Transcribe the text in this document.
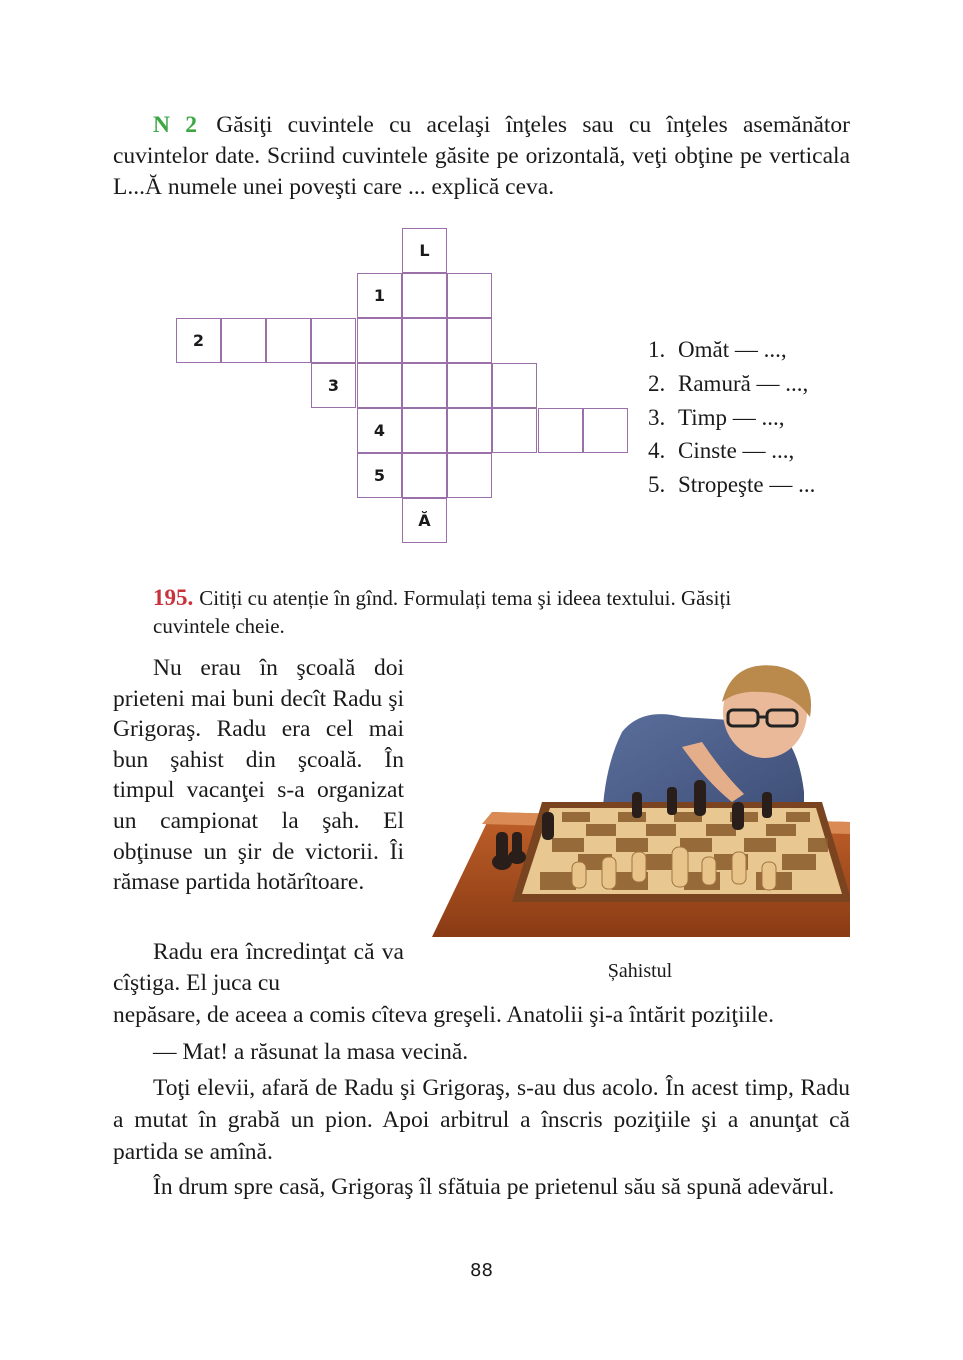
N 2 Găsiţi cuvintele cu acelaşi înţeles sau cu înţeles asemănător cuvintelor date. Scriind cuvintele găsite pe orizontală, veţi obţine pe verticala L...Ă numele unei poveşti care ... explică ceva.
L
1
2
3
4
5
Ă
1. Omăt — ...,
2. Ramură — ...,
3. Timp — ...,
4. Cinste — ...,
5. Stropeşte — ...
195. Citiți cu atenție în gînd. Formulați tema şi ideea textului. Găsiți
cuvintele cheie.
Nu erau în şcoală doi prieteni mai buni decît Radu şi Grigoraş. Radu era cel mai bun şahist din şcoală. În timpul vacanţei s-a organizat un campionat la şah. El obţinuse un şir de victorii. Îi rămase partida hotărîtoare.
Radu era încredinţat că va cîştiga. El juca cu	Șahistul
nepăsare, de aceea a comis cîteva greşeli. Anatolii şi-a întărit poziţiile.
— Mat! a răsunat la masa vecină.
Toţi elevii, afară de Radu şi Grigoraş, s-au dus acolo. În acest timp, Radu a mutat în grabă un pion. Apoi arbitrul a înscris poziţiile şi a anunţat că partida se amînă.
În drum spre casă, Grigoraş îl sfătuia pe prietenul său să spună adevărul.
88
